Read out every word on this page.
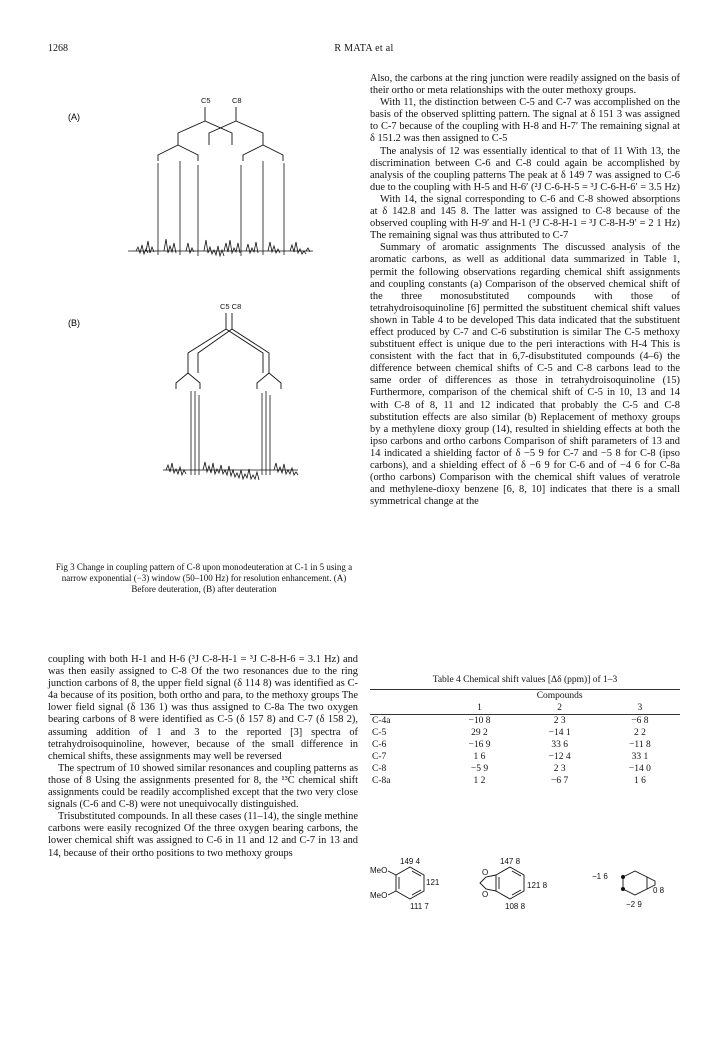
1268	R MATA et al
(A)
(B)
C5	C8
C5 C8
Fig 3 Change in coupling pattern of C-8 upon monodeuteration at C-1 in 5 using a narrow exponential (−3) window (50–100 Hz) for resolution enhancement. (A) Before deuteration, (B) after deuteration

coupling with both H-1 and H-6 (³J C-8-H-1 = ³J C-8-H-6 = 3.1 Hz) and was then easily assigned to C-8 Of the two resonances due to the ring junction carbons of 8, the upper field signal (δ 114 8) was identified as C-4a because of its position, both ortho and para, to the methoxy groups The lower field signal (δ 136 1) was thus assigned to C-8a The two oxygen bearing carbons of 8 were identified as C-5 (δ 157 8) and C-7 (δ 158 2), assuming addition of 1 and 3 to the reported [3] spectra of tetrahydroisoquinoline, however, because of the small difference in chemical shifts, these assignments may well be reversed

The spectrum of 10 showed similar resonances and coupling patterns as those of 8 Using the assignments presented for 8, the ¹³C chemical shift assignments could be readily accomplished except that the two very close signals (C-6 and C-8) were not unequivocally distinguished.

Trisubstituted compounds. In all these cases (11–14), the single methine carbons were easily recognized Of the three oxygen bearing carbons, the lower chemical shift was assigned to C-6 in 11 and 12 and C-7 in 13 and 14, because of their ortho positions to two methoxy groups

Also, the carbons at the ring junction were readily assigned on the basis of their ortho or meta relationships with the outer methoxy groups.

With 11, the distinction between C-5 and C-7 was accomplished on the basis of the observed splitting pattern. The signal at δ 151 3 was assigned to C-7 because of the coupling with H-8 and H-7′ The remaining signal at δ 151.2 was then assigned to C-5

The analysis of 12 was essentially identical to that of 11 With 13, the discrimination between C-6 and C-8 could again be accomplished by analysis of the coupling patterns The peak at δ 149 7 was assigned to C-6 due to the coupling with H-5 and H-6′ (²J C-6-H-5 = ³J C-6-H-6′ = 3.5 Hz)

With 14, the signal corresponding to C-6 and C-8 showed absorptions at δ 142.8 and 145 8. The latter was assigned to C-8 because of the observed coupling with H-9′ and H-1 (³J C-8-H-1 = ³J C-8-H-9′ = 2 1 Hz) The remaining signal was thus attributed to C-7

Summary of aromatic assignments The discussed analysis of the aromatic carbons, as well as additional data summarized in Table 1, permit the following observations regarding chemical shift assignments and coupling constants (a) Comparison of the observed chemical shift of the three monosubstituted compounds with those of tetrahydroisoquinoline [6] permitted the substituent chemical shift values shown in Table 4 to be developed This data indicated that the substituent effect produced by C-7 and C-6 substitution is similar The C-5 methoxy substituent effect is unique due to the peri interactions with H-4 This is consistent with the fact that in 6,7-disubstituted compounds (4–6) the difference between chemical shifts of C-5 and C-8 carbons lead to the same order of differences as those in tetrahydroisoquinoline (15) Furthermore, comparison of the chemical shift of C-5 in 10, 13 and 14 with C-8 of 8, 11 and 12 indicated that probably the C-5 and C-8 substitution effects are also similar (b) Replacement of methoxy groups by a methylene dioxy group (14), resulted in shielding effects at both the ipso carbons and ortho carbons Comparison of shift parameters of 13 and 14 indicated a shielding factor of δ −5 9 for C-7 and −5 8 for C-8 (ipso carbons), and a shielding effect of δ −6 9 for C-6 and of −4 6 for C-8a (ortho carbons) Comparison with the chemical shift values of veratrole and methylene-dioxy benzene [6, 8, 10] indicates that there is a small symmetrical change at the

Table 4 Chemical shift values [Δδ (ppm)] of 1–3
	Compounds		
	1	2	3
C-4a	−10 8	2 3	−6 8
C-5	29 2	−14 1	2 2
C-6	−16 9	33 6	−11 8
C-7	1 6	−12 4	33 1
C-8	−5 9	2 3	−14 0
C-8a	1 2	−6 7	1 6
MeO
MeO
149 4
121
111 7
O
O
147 8
121 8
108 8
−1 6
0 8
−2 9
